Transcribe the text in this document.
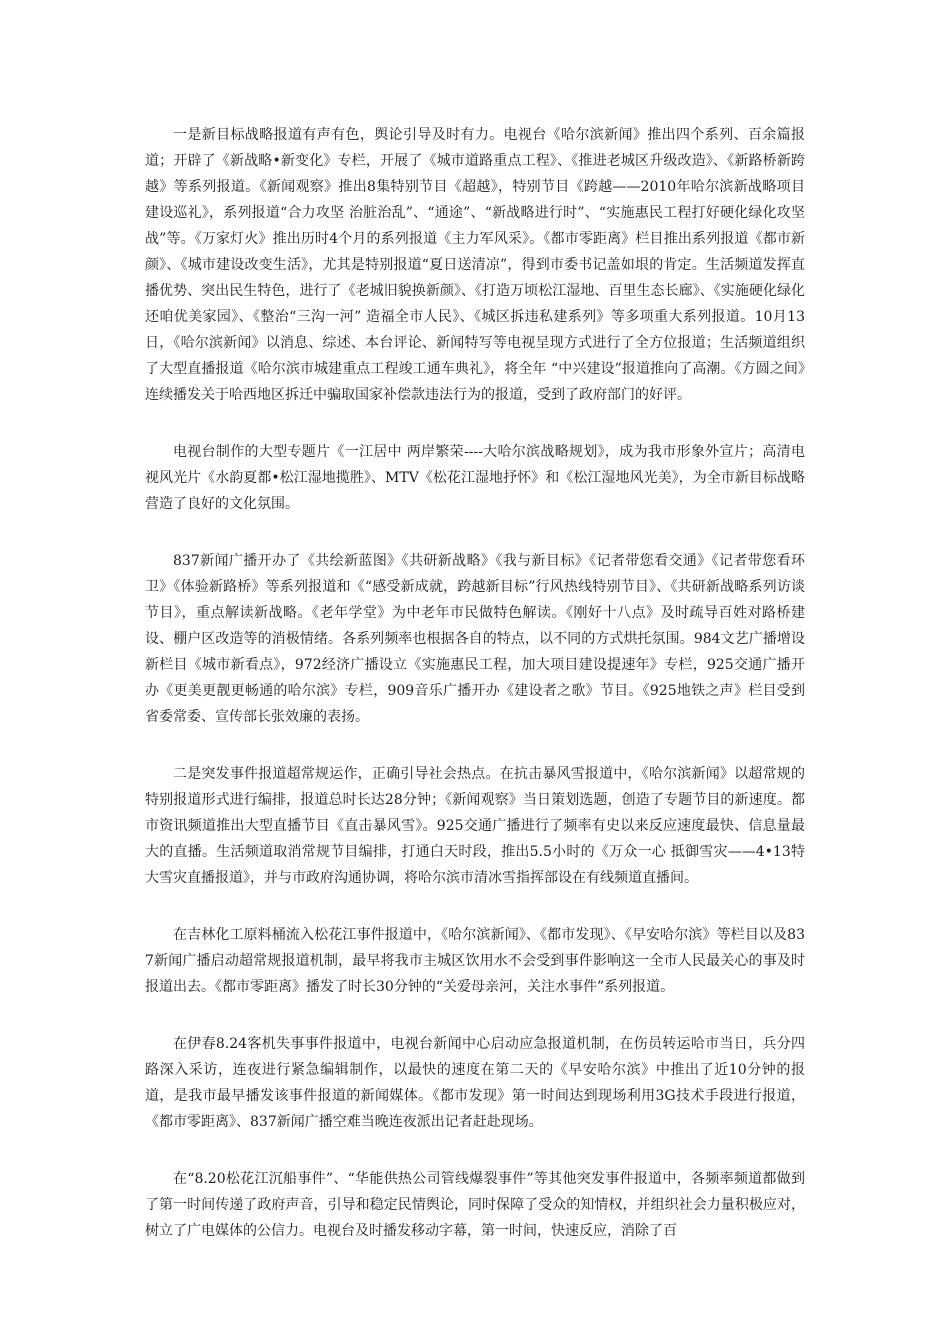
一是新目标战略报道有声有色，舆论引导及时有力。电视台《哈尔滨新闻》推出四个系列、百余篇报道；开辟了《新战略•新变化》专栏，开展了《城市道路重点工程》、《推进老城区升级改造》、《新路桥新跨越》等系列报道。《新闻观察》推出8集特别节目《超越》，特别节目《跨越——2010年哈尔滨新战略项目建设巡礼》，系列报道“合力攻坚 治脏治乱”、“通途”、“新战略进行时”、“实施惠民工程打好硬化绿化攻坚战”等。《万家灯火》推出历时4个月的系列报道《主力军风采》。《都市零距离》栏目推出系列报道《都市新颜》、《城市建设改变生活》，尤其是特别报道“夏日送清凉”，得到市委书记盖如垠的肯定。生活频道发挥直播优势、突出民生特色，进行了《老城旧貌换新颜》、《打造万顷松江湿地、百里生态长廊》、《实施硬化绿化 还咱优美家园》、《整治“三沟一河” 造福全市人民》、《城区拆违私建系列》等多项重大系列报道。10月13日，《哈尔滨新闻》以消息、综述、本台评论、新闻特写等电视呈现方式进行了全方位报道；生活频道组织了大型直播报道《哈尔滨市城建重点工程竣工通车典礼》，将全年 “中兴建设”报道推向了高潮。《方圆之间》连续播发关于哈西地区拆迁中骗取国家补偿款违法行为的报道，受到了政府部门的好评。

电视台制作的大型专题片《一江居中 两岸繁荣----大哈尔滨战略规划》，成为我市形象外宣片；高清电视风光片《水韵夏都•松江湿地揽胜》、MTV《松花江湿地抒怀》和《松江湿地风光美》，为全市新目标战略营造了良好的文化氛围。

837新闻广播开办了《共绘新蓝图》《共研新战略》《我与新目标》《记者带您看交通》《记者带您看环卫》《体验新路桥》等系列报道和《“感受新成就，跨越新目标”行风热线特别节目》、《共研新战略系列访谈节目》，重点解读新战略。《老年学堂》为中老年市民做特色解读。《刚好十八点》及时疏导百姓对路桥建设、棚户区改造等的消极情绪。各系列频率也根据各自的特点，以不同的方式烘托氛围。984文艺广播增设新栏目《城市新看点》，972经济广播设立《实施惠民工程，加大项目建设提速年》专栏，925交通广播开办《更美更靓更畅通的哈尔滨》专栏，909音乐广播开办《建设者之歌》节目。《925地铁之声》栏目受到省委常委、宣传部长张效廉的表扬。

二是突发事件报道超常规运作，正确引导社会热点。在抗击暴风雪报道中，《哈尔滨新闻》以超常规的特别报道形式进行编排，报道总时长达28分钟；《新闻观察》当日策划选题，创造了专题节目的新速度。都市资讯频道推出大型直播节目《直击暴风雪》。925交通广播进行了频率有史以来反应速度最快、信息量最大的直播。生活频道取消常规节目编排，打通白天时段，推出5.5小时的《万众一心 抵御雪灾——4•13特大雪灾直播报道》，并与市政府沟通协调，将哈尔滨市清冰雪指挥部设在有线频道直播间。

在吉林化工原料桶流入松花江事件报道中，《哈尔滨新闻》、《都市发现》、《早安哈尔滨》等栏目以及837新闻广播启动超常规报道机制，最早将我市主城区饮用水不会受到事件影响这一全市人民最关心的事及时报道出去。《都市零距离》播发了时长30分钟的“关爱母亲河，关注水事件”系列报道。

在伊春8.24客机失事事件报道中，电视台新闻中心启动应急报道机制，在伤员转运哈市当日，兵分四路深入采访，连夜进行紧急编辑制作，以最快的速度在第二天的《早安哈尔滨》中推出了近10分钟的报道，是我市最早播发该事件报道的新闻媒体。《都市发现》第一时间达到现场利用3G技术手段进行报道，《都市零距离》、837新闻广播空难当晚连夜派出记者赶赴现场。

在“8.20松花江沉船事件”、“华能供热公司管线爆裂事件”等其他突发事件报道中，各频率频道都做到了第一时间传递了政府声音，引导和稳定民情舆论，同时保障了受众的知情权，并组织社会力量积极应对，树立了广电媒体的公信力。电视台及时播发移动字幕，第一时间，快速反应，消除了百
